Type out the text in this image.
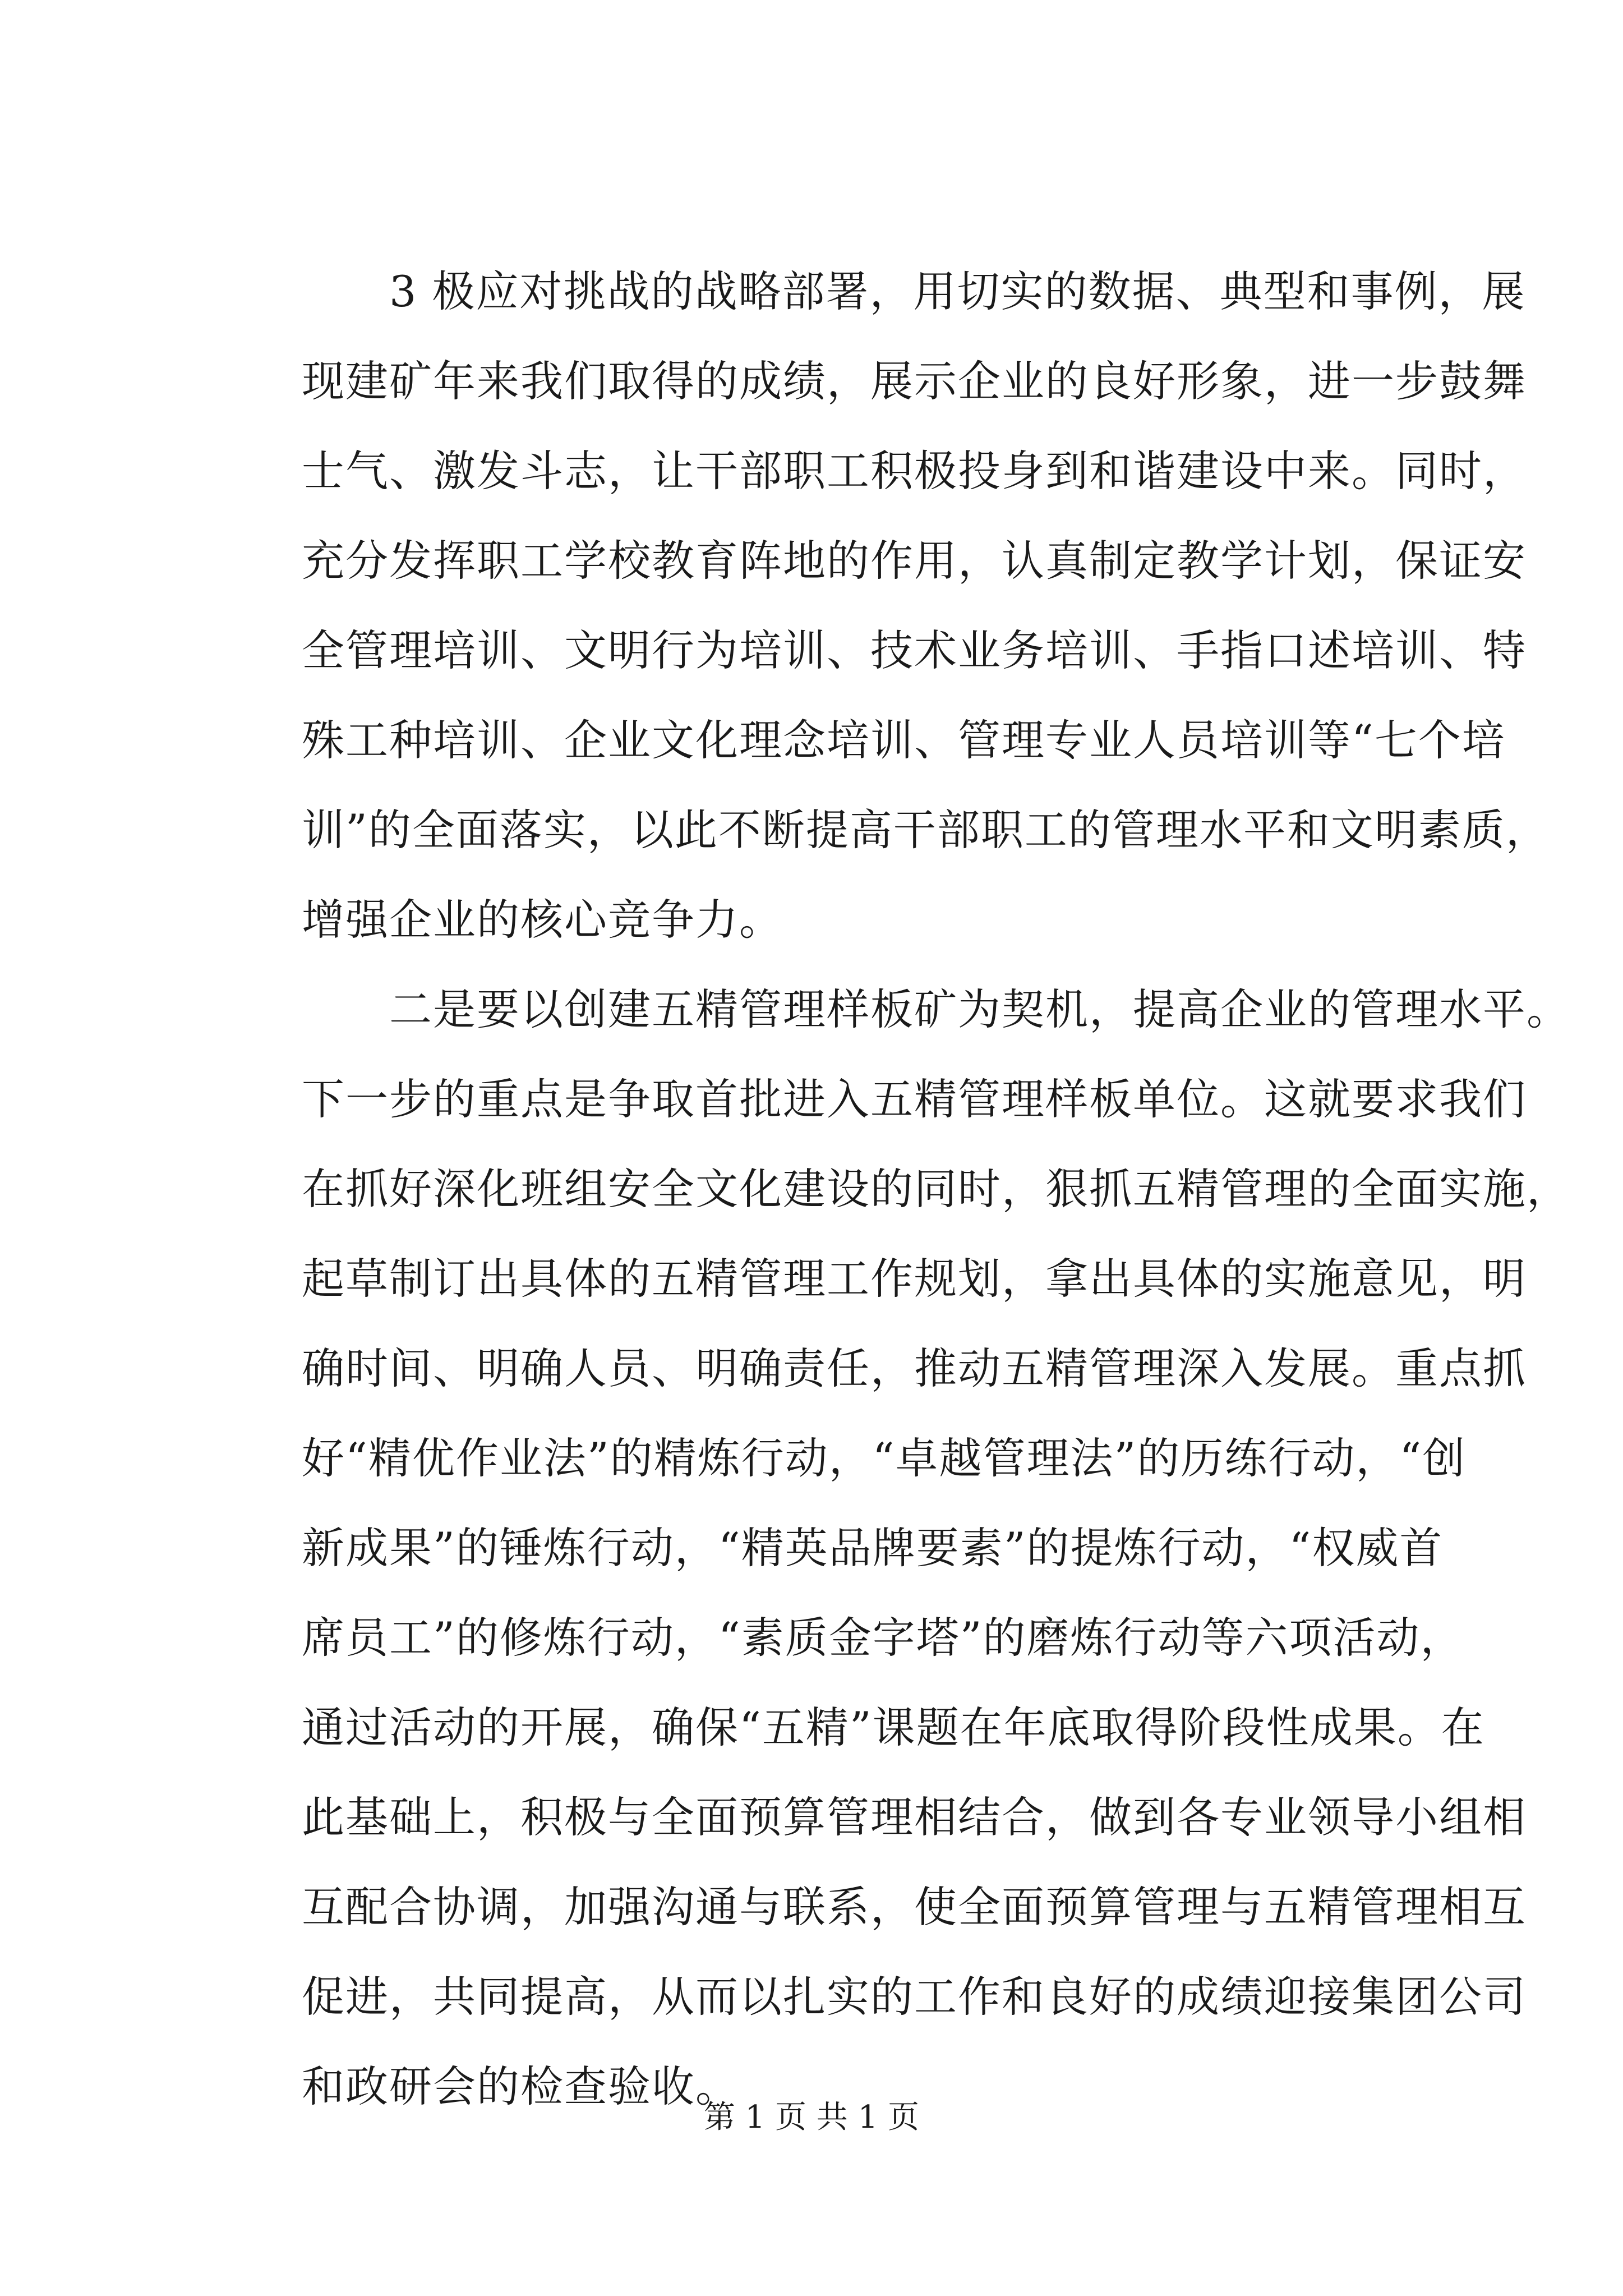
3 极应对挑战的战略部署，用切实的数据、典型和事例，展
现建矿年来我们取得的成绩，展示企业的良好形象，进一步鼓舞
士气、激发斗志，让干部职工积极投身到和谐建设中来。同时，
充分发挥职工学校教育阵地的作用，认真制定教学计划，保证安
全管理培训、文明行为培训、技术业务培训、手指口述培训、特
殊工种培训、企业文化理念培训、管理专业人员培训等“七个培
训”的全面落实，以此不断提高干部职工的管理水平和文明素质，
增强企业的核心竞争力。
二是要以创建五精管理样板矿为契机，提高企业的管理水平。
下一步的重点是争取首批进入五精管理样板单位。这就要求我们
在抓好深化班组安全文化建设的同时，狠抓五精管理的全面实施，
起草制订出具体的五精管理工作规划，拿出具体的实施意见，明
确时间、明确人员、明确责任，推动五精管理深入发展。重点抓
好“精优作业法”的精炼行动，“卓越管理法”的历练行动，“创
新成果”的锤炼行动，“精英品牌要素”的提炼行动，“权威首
席员工”的修炼行动，“素质金字塔”的磨炼行动等六项活动，
通过活动的开展，确保“五精”课题在年底取得阶段性成果。在
此基础上，积极与全面预算管理相结合，做到各专业领导小组相
互配合协调，加强沟通与联系，使全面预算管理与五精管理相互
促进，共同提高，从而以扎实的工作和良好的成绩迎接集团公司
和政研会的检查验收。
第 1 页 共 1 页
